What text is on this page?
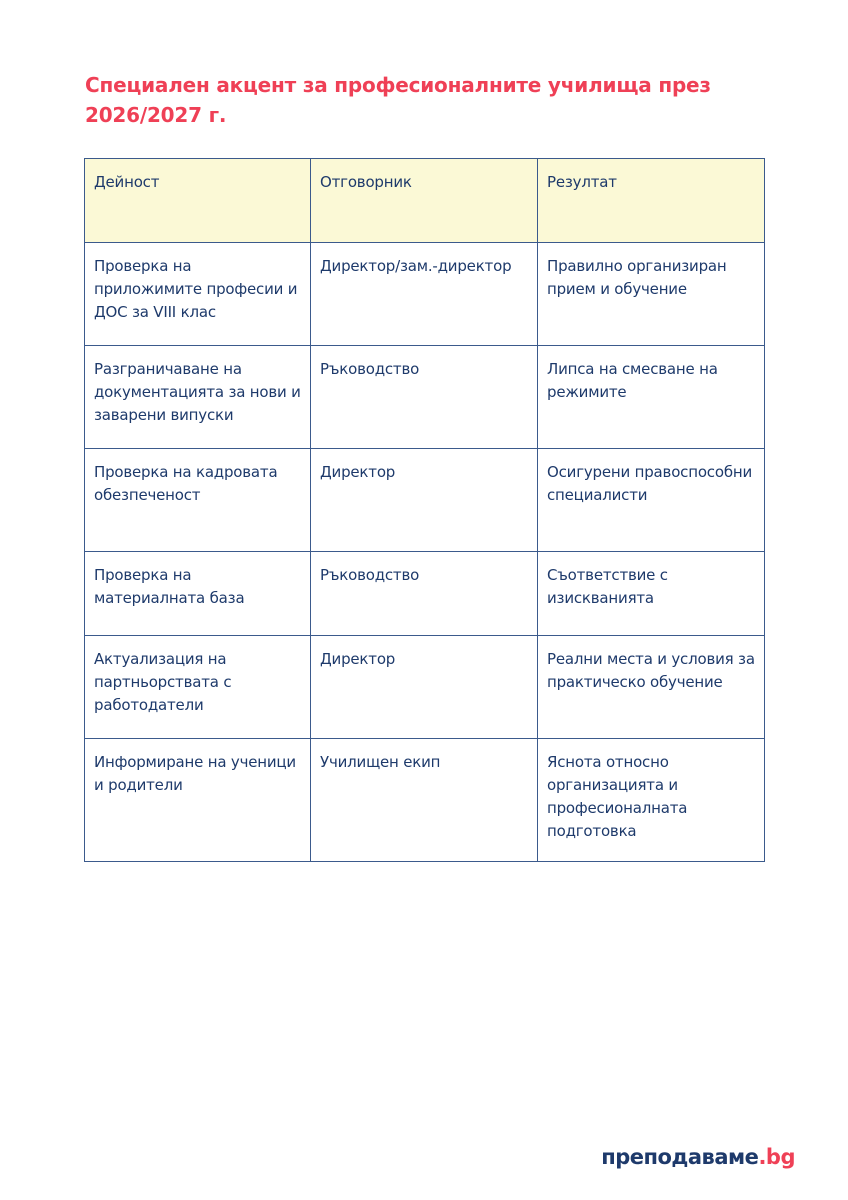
Специален акцент за професионалните училища през 2026/2027 г.
Дейност	Отговорник	Резултат
Проверка на приложимите професии и ДОС за VIII клас	Директор/зам.-директор	Правилно организиран прием и обучение
Разграничаване на документацията за нови и заварени випуски	Ръководство	Липса на смесване на режимите
Проверка на кадровата обезпеченост	Директор	Осигурени правоспособни специалисти
Проверка на материалната база	Ръководство	Съответствие с изискванията
Актуализация на партньорствата с работодатели	Директор	Реални места и условия за практическо обучение
Информиране на ученици и родители	Училищен екип	Яснота относно организацията и професионалната подготовка
преподаваме.bg
